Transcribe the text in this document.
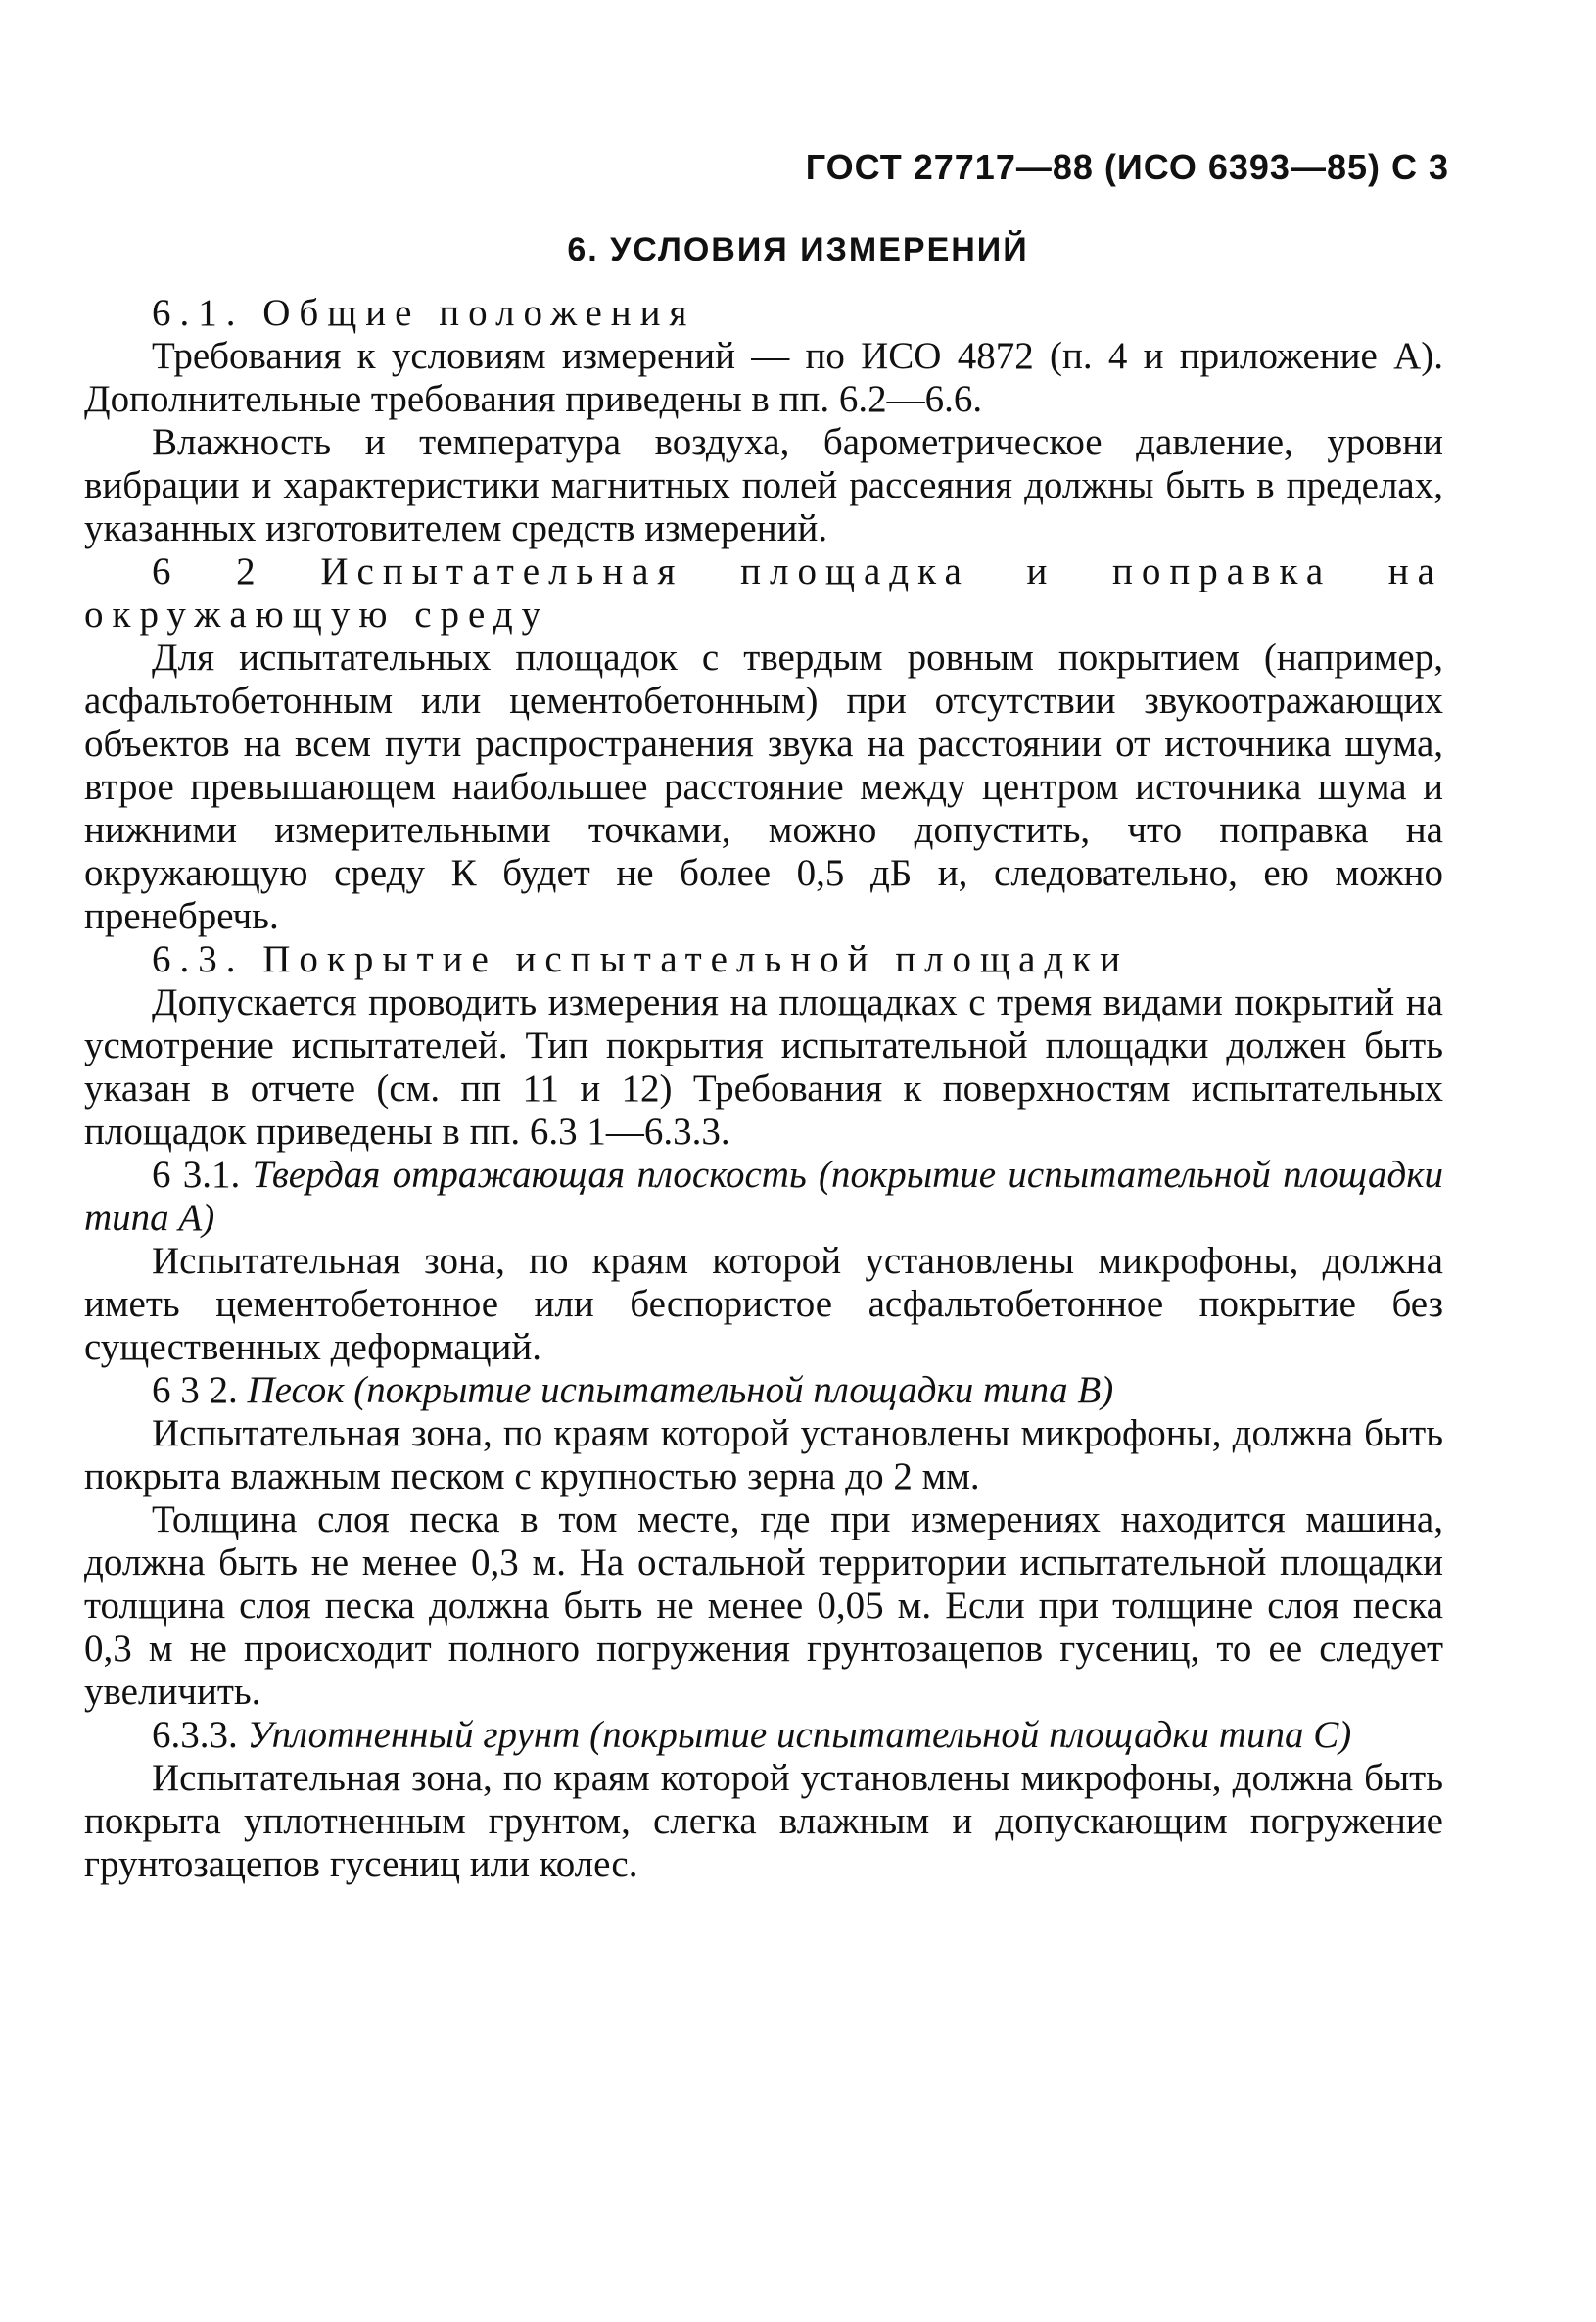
ГОСТ 27717—88 (ИСО 6393—85) С 3
6. УСЛОВИЯ ИЗМЕРЕНИЙ

6.1. Общие положения

Требования к условиям измерений — по ИСО 4872 (п. 4 и приложение А). Дополнительные требования приведены в пп. 6.2—6.6.

Влажность и температура воздуха, барометрическое давление, уровни вибрации и характеристики магнитных полей рассеяния должны быть в пределах, указанных изготовителем средств измерений.

6 2 Испытательная площадка и поправка на окружающую среду

Для испытательных площадок с твердым ровным покрытием (например, асфальтобетонным или цементобетонным) при отсутствии звукоотражающих объектов на всем пути распространения звука на расстоянии от источника шума, втрое превышающем наибольшее расстояние между центром источника шума и нижними измерительными точками, можно допустить, что поправка на окружающую среду К будет не более 0,5 дБ и, следовательно, ею можно пренебречь.

6.3. Покрытие испытательной площадки

Допускается проводить измерения на площадках с тремя видами покрытий на усмотрение испытателей. Тип покрытия испытательной площадки должен быть указан в отчете (см. пп 11 и 12) Требования к поверхностям испытательных площадок приведены в пп. 6.3 1—6.3.3.

6 3.1. Твердая отражающая плоскость (покрытие испытательной площадки типа А)

Испытательная зона, по краям которой установлены микрофоны, должна иметь цементобетонное или беспористое асфальтобетонное покрытие без существенных деформаций.

6 3 2. Песок (покрытие испытательной площадки типа В)

Испытательная зона, по краям которой установлены микрофоны, должна быть покрыта влажным песком с крупностью зерна до 2 мм.

Толщина слоя песка в том месте, где при измерениях находится машина, должна быть не менее 0,3 м. На остальной территории испытательной площадки толщина слоя песка должна быть не менее 0,05 м. Если при толщине слоя песка 0,3 м не происходит полного погружения грунтозацепов гусениц, то ее следует увеличить.

6.3.3. Уплотненный грунт (покрытие испытательной площадки типа С)

Испытательная зона, по краям которой установлены микрофоны, должна быть покрыта уплотненным грунтом, слегка влажным и допускающим погружение грунтозацепов гусениц или колес.
